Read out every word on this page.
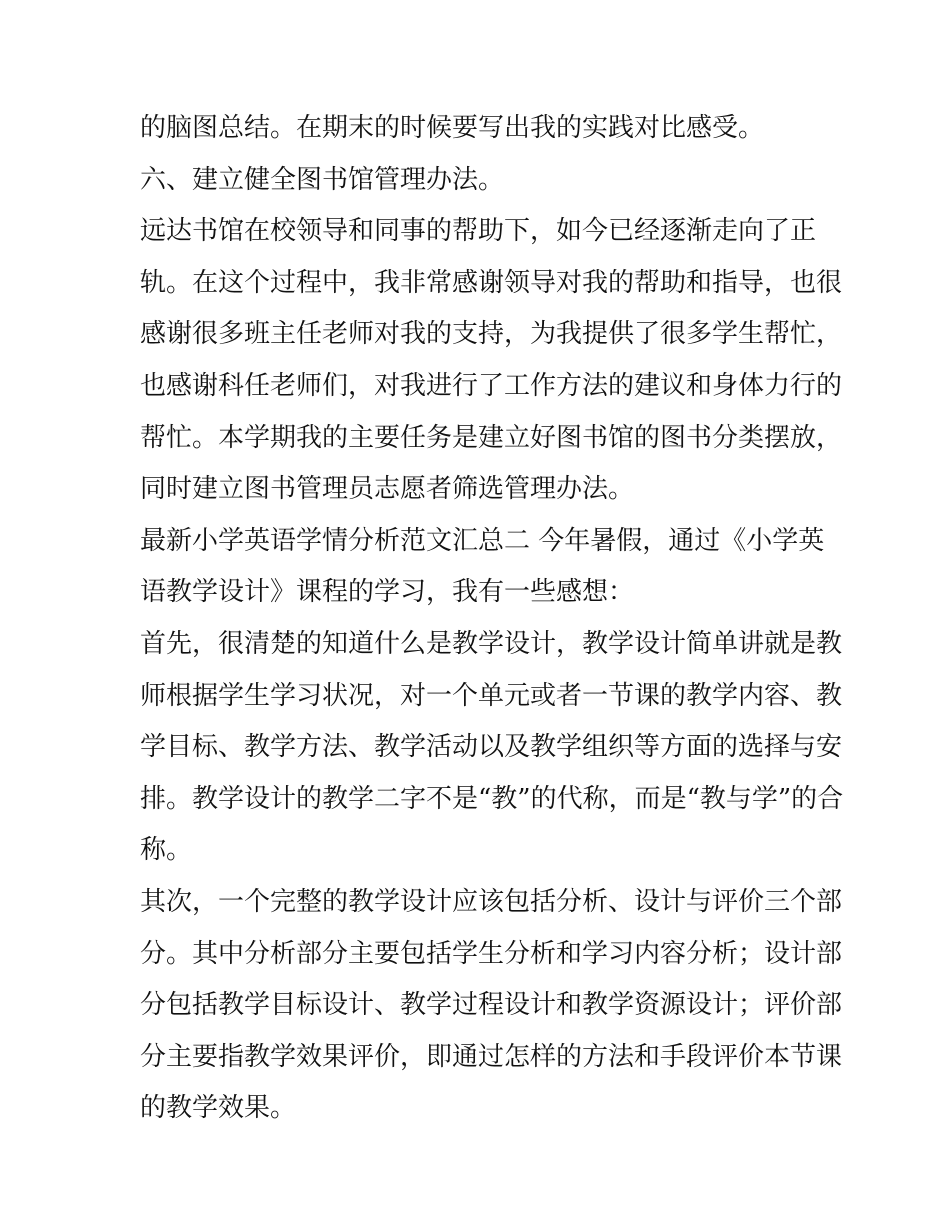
的脑图总结。在期末的时候要写出我的实践对比感受。
六、建立健全图书馆管理办法。
远达书馆在校领导和同事的帮助下，如今已经逐渐走向了正
轨。在这个过程中，我非常感谢领导对我的帮助和指导，也很
感谢很多班主任老师对我的支持，为我提供了很多学生帮忙，
也感谢科任老师们，对我进行了工作方法的建议和身体力行的
帮忙。本学期我的主要任务是建立好图书馆的图书分类摆放，
同时建立图书管理员志愿者筛选管理办法。
最新小学英语学情分析范文汇总二 今年暑假，通过《小学英
语教学设计》课程的学习，我有一些感想：
首先，很清楚的知道什么是教学设计，教学设计简单讲就是教
师根据学生学习状况，对一个单元或者一节课的教学内容、教
学目标、教学方法、教学活动以及教学组织等方面的选择与安
排。教学设计的教学二字不是“教”的代称，而是“教与学”的合
称。
其次，一个完整的教学设计应该包括分析、设计与评价三个部
分。其中分析部分主要包括学生分析和学习内容分析；设计部
分包括教学目标设计、教学过程设计和教学资源设计；评价部
分主要指教学效果评价，即通过怎样的方法和手段评价本节课
的教学效果。
